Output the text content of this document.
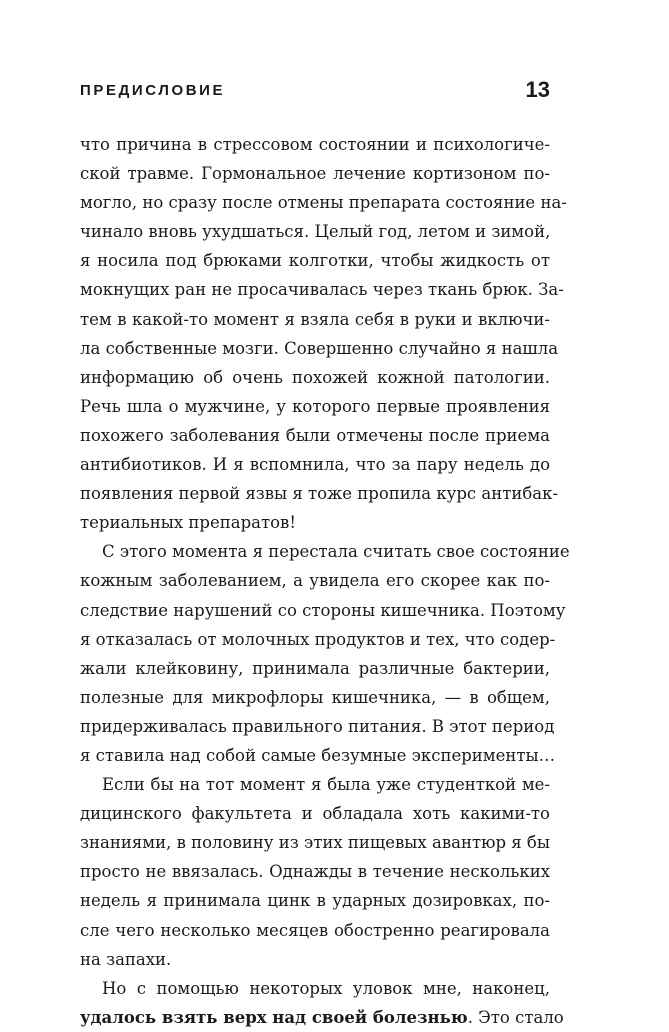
ПРЕДИСЛОВИЕ	13
что причина в стрессовом состоянии и психологиче-
ской травме. Гормональное лечение кортизоном по-
могло, но сразу после отмены препарата состояние на-
чинало вновь ухудшаться. Целый год, летом и зимой,
я носила под брюками колготки, чтобы жидкость от
мокнущих ран не просачивалась через ткань брюк. За-
тем в какой-то момент я взяла себя в руки и включи-
ла собственные мозги. Совершенно случайно я нашла
информацию об очень похожей кожной патологии.
Речь шла о мужчине, у которого первые проявления
похожего заболевания были отмечены после приема
антибиотиков. И я вспомнила, что за пару недель до
появления первой язвы я тоже пропила курс антибак-
териальных препаратов!
С этого момента я перестала считать свое состояние
кожным заболеванием, а увидела его скорее как по-
следствие нарушений со стороны кишечника. Поэтому
я отказалась от молочных продуктов и тех, что содер-
жали клейковину, принимала различные бактерии,
полезные для микрофлоры кишечника, — в общем,
придерживалась правильного питания. В этот период
я ставила над собой самые безумные эксперименты…
Если бы на тот момент я была уже студенткой ме-
дицинского факультета и обладала хоть какими-то
знаниями, в половину из этих пищевых авантюр я бы
просто не ввязалась. Однажды в течение нескольких
недель я принимала цинк в ударных дозировках, по-
сле чего несколько месяцев обостренно реагировала
на запахи.
Но с помощью некоторых уловок мне, наконец,
удалось взять верх над своей болезнью. Это стало
